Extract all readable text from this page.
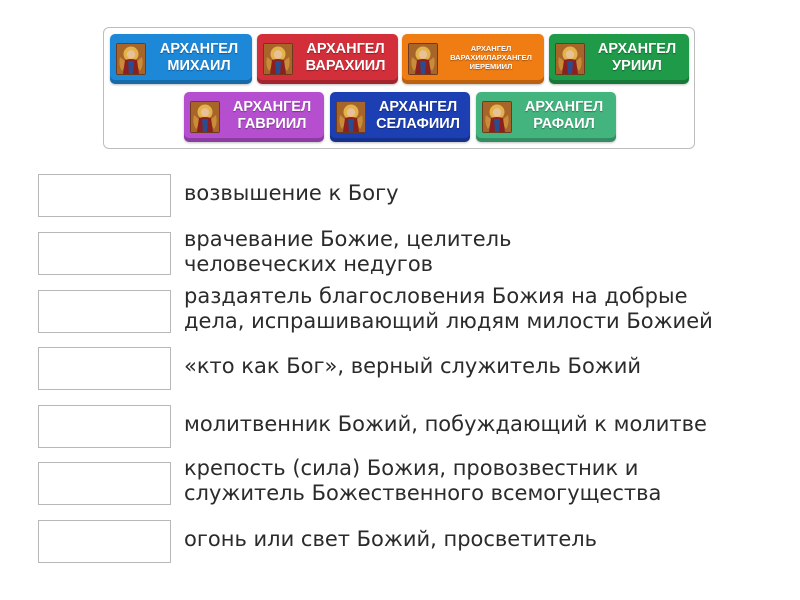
АРХАНГЕЛ
МИХАИЛ
АРХАНГЕЛ
ВАРАХИИЛ
АРХАНГЕЛ
ВАРАХИИЛАРХАНГЕЛ
ИЕРЕМИИЛ
АРХАНГЕЛ
УРИИЛ
АРХАНГЕЛ
ГАВРИИЛ
АРХАНГЕЛ
СЕЛАФИИЛ
АРХАНГЕЛ
РАФАИЛ
возвышение к Богу
врачевание Божие, целитель
человеческих недугов
раздаятель благословения Божия на добрые
дела, испрашивающий людям милости Божией
«кто как Бог», верный служитель Божий
молитвенник Божий, побуждающий к молитве
крепость (сила) Божия, провозвестник и
служитель Божественного всемогущества
огонь или свет Божий, просветитель
